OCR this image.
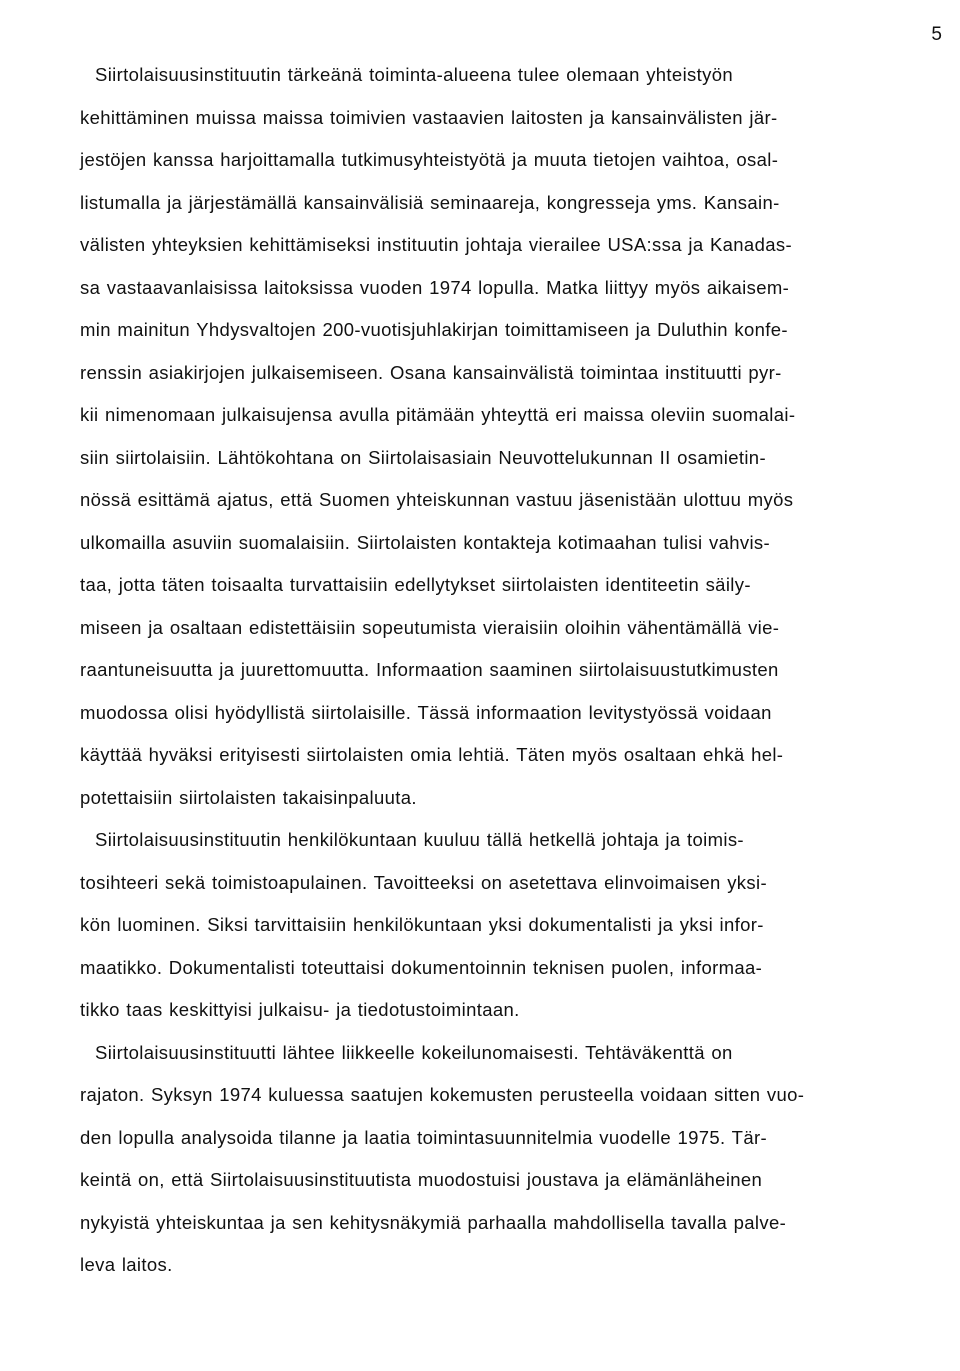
5
Siirtolaisuusinstituutin tärkeänä toiminta-alueena tulee olemaan yhteistyön
kehittäminen muissa maissa toimivien vastaavien laitosten ja kansainvälisten jär-
jestöjen kanssa harjoittamalla tutkimusyhteistyötä ja muuta tietojen vaihtoa, osal-
listumalla ja järjestämällä kansainvälisiä seminaareja, kongresseja yms. Kansain-
välisten yhteyksien kehittämiseksi instituutin johtaja vierailee USA:ssa ja Kanadas-
sa vastaavanlaisissa laitoksissa vuoden 1974 lopulla. Matka liittyy myös aikaisem-
min mainitun Yhdysvaltojen 200-vuotisjuhlakirjan toimittamiseen ja Duluthin konfe-
renssin asiakirjojen julkaisemiseen. Osana kansainvälistä toimintaa instituutti pyr-
kii nimenomaan julkaisujensa avulla pitämään yhteyttä eri maissa oleviin suomalai-
siin siirtolaisiin. Lähtökohtana on Siirtolaisasiain Neuvottelukunnan II osamietin-
nössä esittämä ajatus, että Suomen yhteiskunnan vastuu jäsenistään ulottuu myös
ulkomailla asuviin suomalaisiin. Siirtolaisten kontakteja kotimaahan tulisi vahvis-
taa, jotta täten toisaalta turvattaisiin edellytykset siirtolaisten identiteetin säily-
miseen ja osaltaan edistettäisiin sopeutumista vieraisiin oloihin vähentämällä vie-
raantuneisuutta ja juurettomuutta. Informaation saaminen siirtolaisuustutkimusten
muodossa olisi hyödyllistä siirtolaisille. Tässä informaation levitystyössä voidaan
käyttää hyväksi erityisesti siirtolaisten omia lehtiä. Täten myös osaltaan ehkä hel-
potettaisiin siirtolaisten takaisinpaluuta.
Siirtolaisuusinstituutin henkilökuntaan kuuluu tällä hetkellä johtaja ja toimis-
tosihteeri sekä toimistoapulainen. Tavoitteeksi on asetettava elinvoimaisen yksi-
kön luominen. Siksi tarvittaisiin henkilökuntaan yksi dokumentalisti ja yksi infor-
maatikko. Dokumentalisti toteuttaisi dokumentoinnin teknisen puolen, informaa-
tikko taas keskittyisi julkaisu- ja tiedotustoimintaan.
Siirtolaisuusinstituutti lähtee liikkeelle kokeilunomaisesti. Tehtäväkenttä on
rajaton. Syksyn 1974 kuluessa saatujen kokemusten perusteella voidaan sitten vuo-
den lopulla analysoida tilanne ja laatia toimintasuunnitelmia vuodelle 1975. Tär-
keintä on, että Siirtolaisuusinstituutista muodostuisi joustava ja elämänläheinen
nykyistä yhteiskuntaa ja sen kehitysnäkymiä parhaalla mahdollisella tavalla palve-
leva laitos.
